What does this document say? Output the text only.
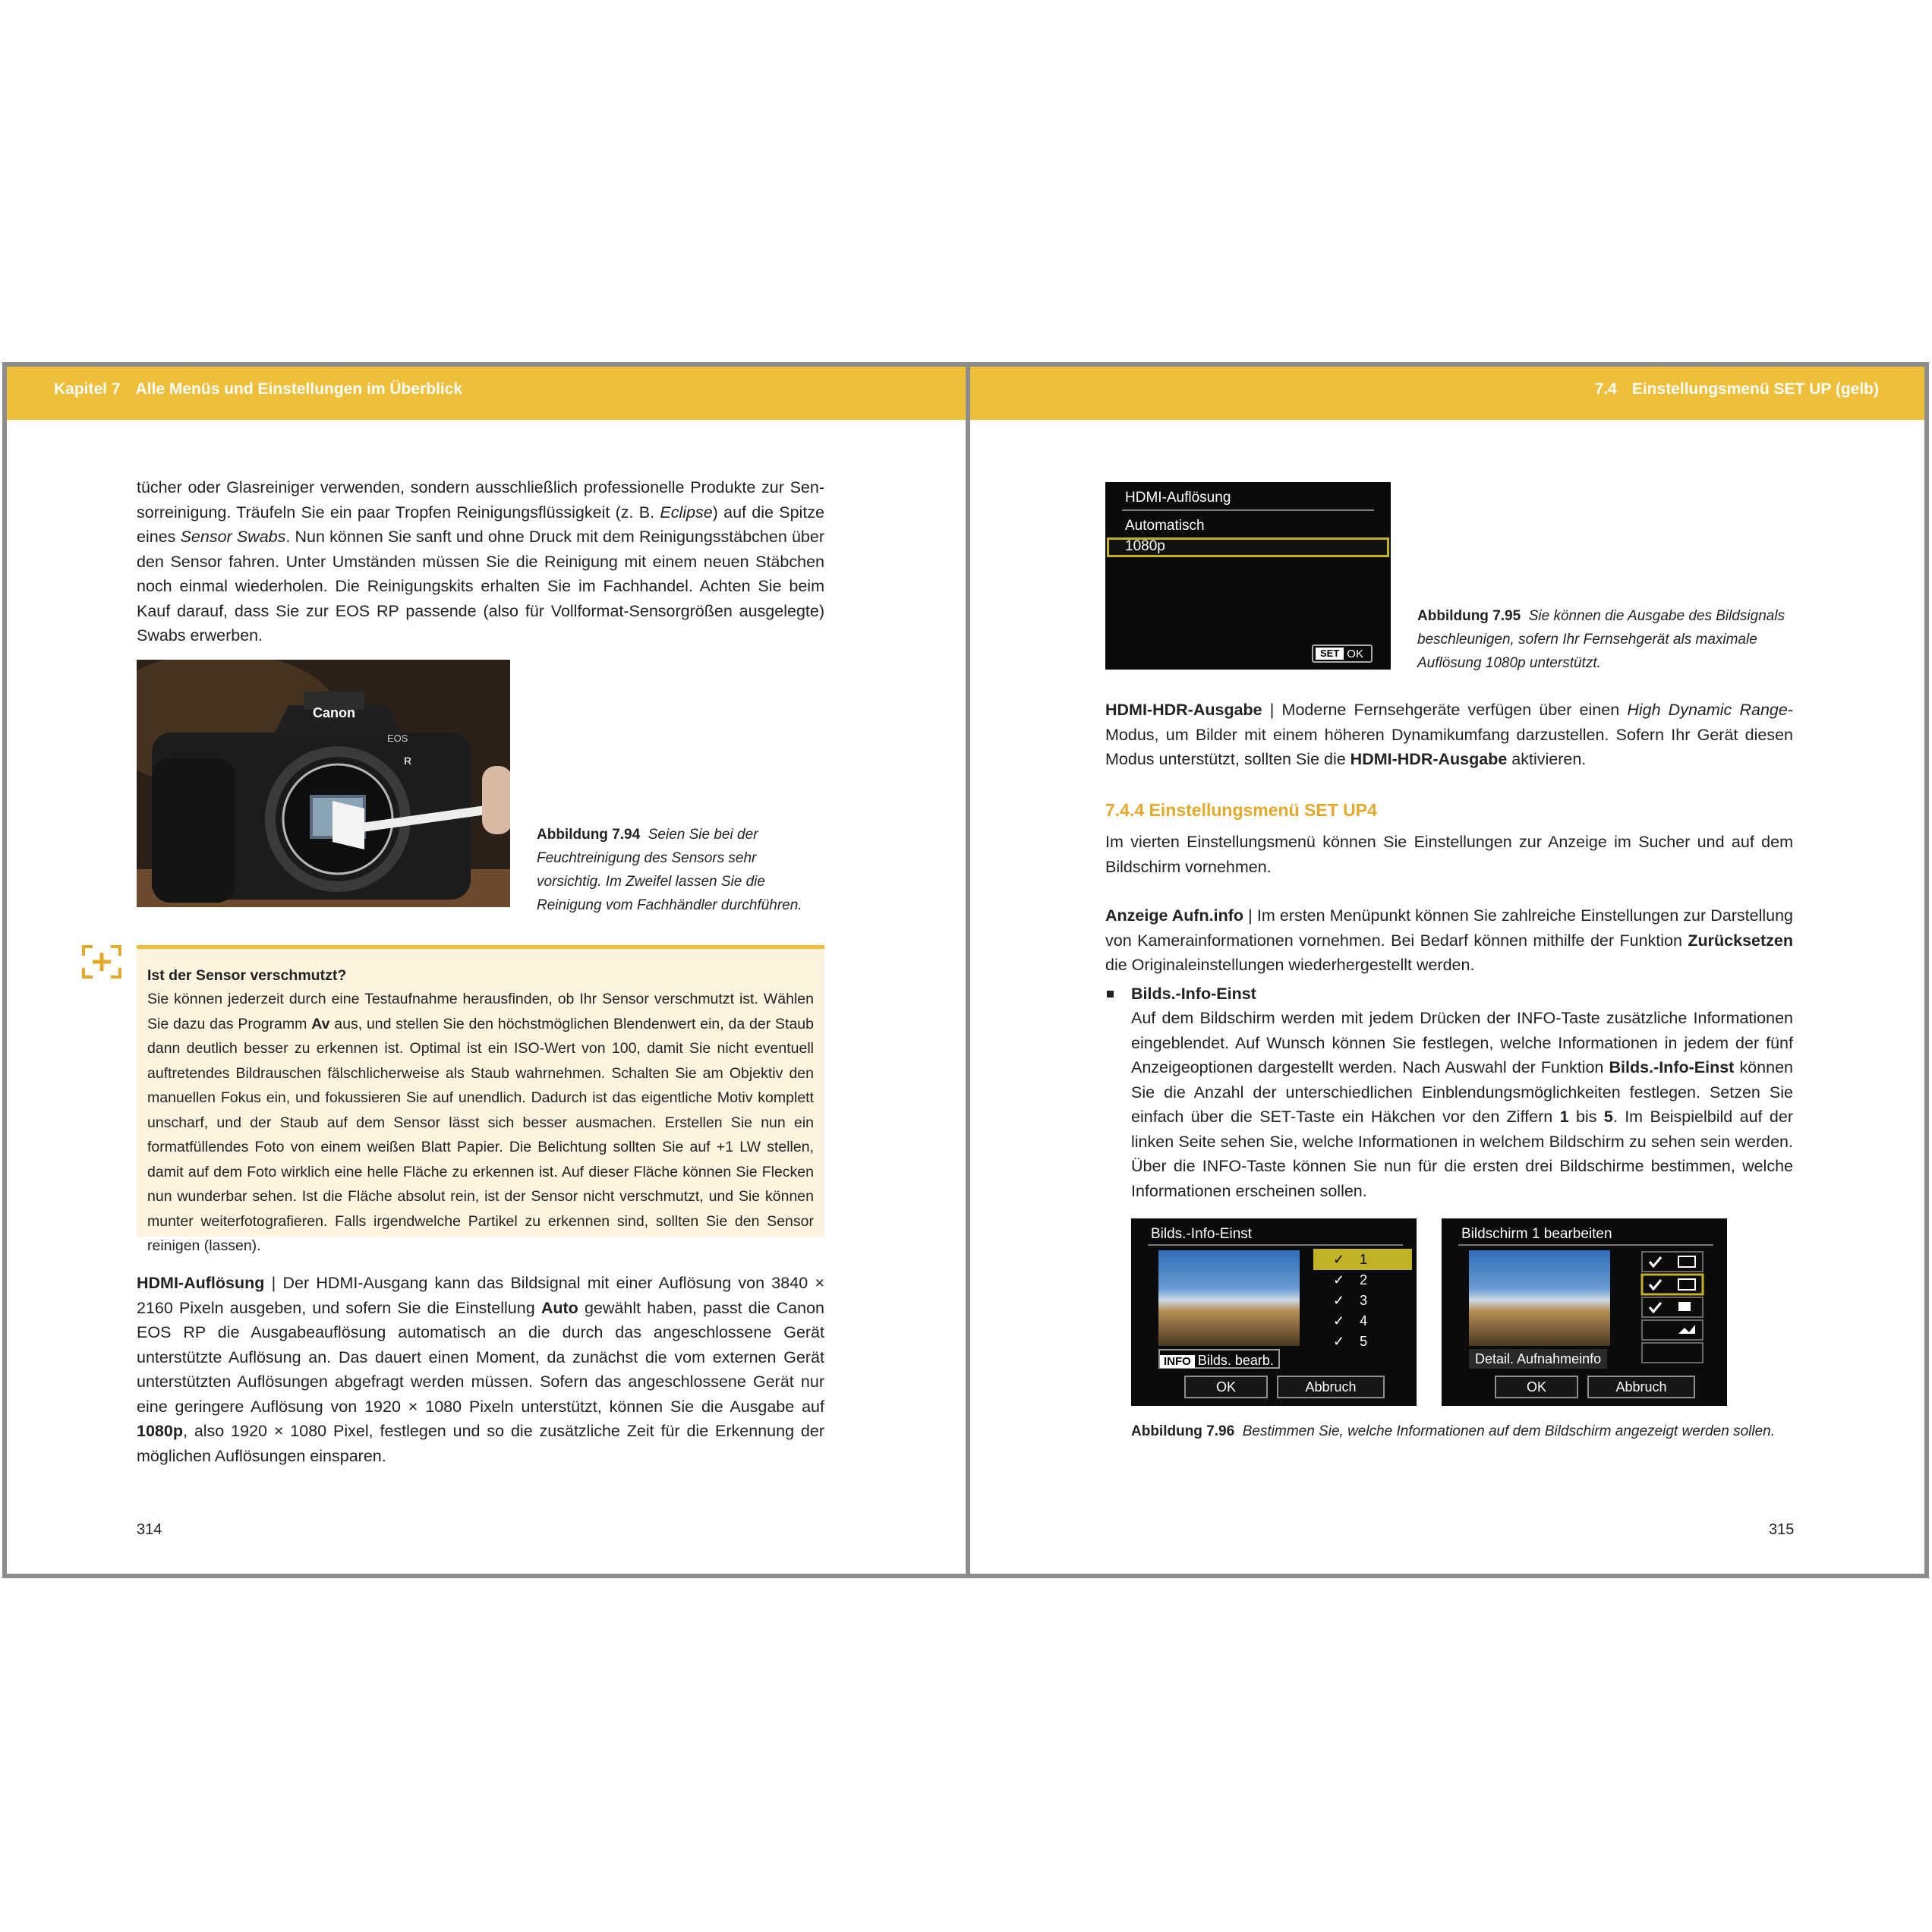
Kapitel 7 Alle Menüs und Einstellungen im Überblick	7.4 Einstellungsmenü SET UP (gelb)
tücher oder Glasreiniger verwenden, sondern ausschließlich professionelle Produkte zur Sen- sorreinigung. Träufeln Sie ein paar Tropfen Reinigungsflüssigkeit (z. B. Eclipse) auf die Spitze eines Sensor Swabs. Nun können Sie sanft und ohne Druck mit dem Reinigungsstäbchen über den Sensor fahren. Unter Umständen müssen Sie die Reinigung mit einem neuen Stäbchen noch einmal wiederholen. Die Reinigungskits erhalten Sie im Fachhandel. Achten Sie beim Kauf darauf, dass Sie zur EOS RP passende (also für Vollformat-Sensorgrößen ausgelegte) Swabs erwerben.
Canon
EOS
R
Abbildung 7.94 Seien Sie bei der Feuchtreinigung des Sensors sehr vorsichtig. Im Zweifel lassen Sie die Reinigung vom Fachhändler durchführen.
Ist der Sensor verschmutzt?
Sie können jederzeit durch eine Testaufnahme herausfinden, ob Ihr Sensor verschmutzt ist. Wählen Sie dazu das Programm Av aus, und stellen Sie den höchstmöglichen Blendenwert ein, da der Staub dann deutlich besser zu erkennen ist. Optimal ist ein ISO-Wert von 100, damit Sie nicht eventuell auftretendes Bildrauschen fälschlicherweise als Staub wahrnehmen. Schalten Sie am Objektiv den manuellen Fokus ein, und fokussieren Sie auf unendlich. Dadurch ist das eigentliche Motiv komplett unscharf, und der Staub auf dem Sensor lässt sich besser ausmachen. Erstellen Sie nun ein formatfüllendes Foto von einem weißen Blatt Papier. Die Belichtung sollten Sie auf +1 LW stellen, damit auf dem Foto wirklich eine helle Fläche zu erkennen ist. Auf dieser Fläche können Sie Flecken nun wunderbar sehen. Ist die Fläche absolut rein, ist der Sensor nicht verschmutzt, und Sie können munter weiterfotografieren. Falls irgendwelche Partikel zu erkennen sind, sollten Sie den Sensor reinigen (lassen).
HDMI-Auflösung | Der HDMI-Ausgang kann das Bildsignal mit einer Auflösung von 3840 × 2160 Pixeln ausgeben, und sofern Sie die Einstellung Auto gewählt haben, passt die Canon EOS RP die Ausgabeauflösung automatisch an die durch das angeschlossene Gerät unterstützte Auflösung an. Das dauert einen Moment, da zunächst die vom externen Gerät unterstützten Auflösungen abgefragt werden müssen. Sofern das angeschlossene Gerät nur eine geringere Auflösung von 1920 × 1080 Pixeln unterstützt, können Sie die Ausgabe auf 1080p, also 1920 × 1080 Pixel, festlegen und so die zusätzliche Zeit für die Erkennung der möglichen Auflösungen einsparen.
314
HDMI-Auflösung
Automatisch
1080p
SET OK
Abbildung 7.95 Sie können die Ausgabe des Bildsignals beschleunigen, sofern Ihr Fernsehgerät als maximale Auflösung 1080p unterstützt.
HDMI-HDR-Ausgabe | Moderne Fernsehgeräte verfügen über einen High Dynamic Range-Modus, um Bilder mit einem höheren Dynamikumfang darzustellen. Sofern Ihr Gerät diesen Modus unterstützt, sollten Sie die HDMI-HDR-Ausgabe aktivieren.
7.4.4 Einstellungsmenü SET UP4
Im vierten Einstellungsmenü können Sie Einstellungen zur Anzeige im Sucher und auf dem Bildschirm vornehmen.
Anzeige Aufn.info | Im ersten Menüpunkt können Sie zahlreiche Einstellungen zur Darstellung von Kamerainformationen vornehmen. Bei Bedarf können mithilfe der Funktion Zurücksetzen die Originaleinstellungen wiederhergestellt werden.
Bilds.-Info-Einst
Auf dem Bildschirm werden mit jedem Drücken der INFO-Taste zusätzliche Informationen eingeblendet. Auf Wunsch können Sie festlegen, welche Informationen in jedem der fünf Anzeigeoptionen dargestellt werden. Nach Auswahl der Funktion Bilds.-Info-Einst können Sie die Anzahl der unterschiedlichen Einblendungsmöglichkeiten festlegen. Setzen Sie einfach über die SET-Taste ein Häkchen vor den Ziffern 1 bis 5. Im Beispielbild auf der linken Seite sehen Sie, welche Informationen in welchem Bildschirm zu sehen sein werden. Über die INFO-Taste können Sie nun für die ersten drei Bildschirme bestimmen, welche Informationen erscheinen sollen.
Bilds.-Info-Einst
✓ 1
✓ 2
✓ 3
✓ 4
✓ 5
INFO Bilds. bearb.
OK	Abbruch
Bildschirm 1 bearbeiten
Detail. Aufnahmeinfo
OK	Abbruch
Abbildung 7.96 Bestimmen Sie, welche Informationen auf dem Bildschirm angezeigt werden sollen.
315
